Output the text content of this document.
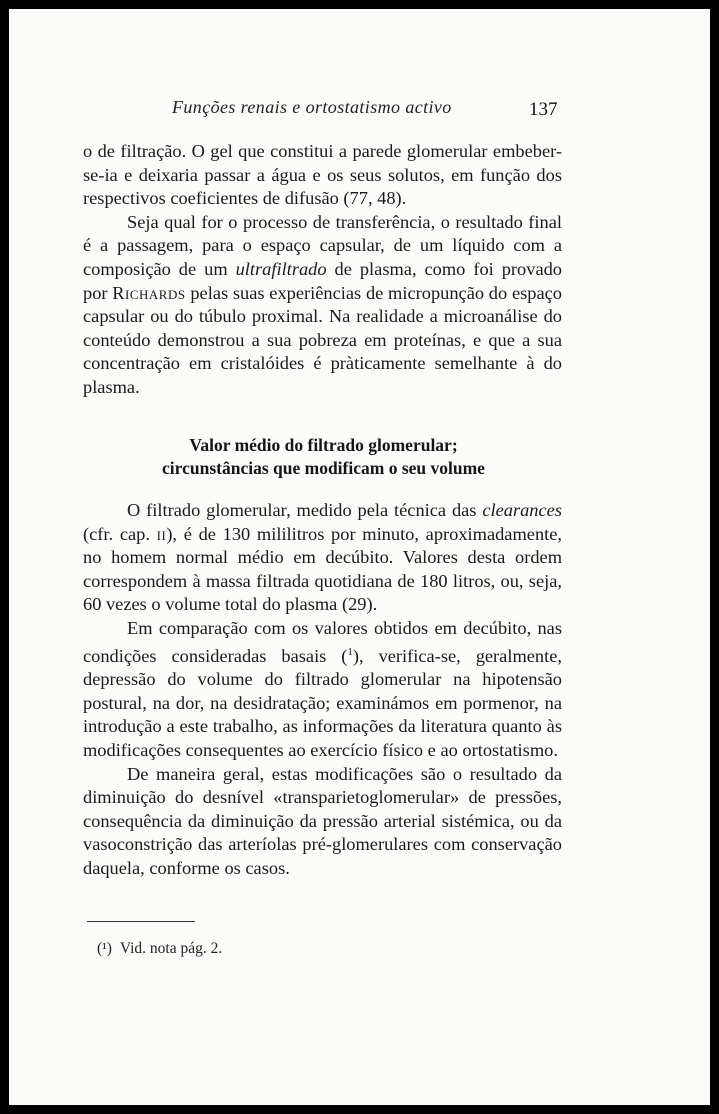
Funções renais e ortostatismo activo	137

o de filtração. O gel que constitui a parede glomerular embeber-se-ia e deixaria passar a água e os seus solutos, em função dos respectivos coeficientes de difusão (77, 48).

Seja qual for o processo de transferência, o resultado final é a passagem, para o espaço capsular, de um líquido com a composição de um ultrafiltrado de plasma, como foi provado por Richards pelas suas experiências de micropunção do espaço capsular ou do túbulo proximal. Na realidade a microanálise do conteúdo demonstrou a sua pobreza em proteínas, e que a sua concentração em cristalóides é pràticamente semelhante à do plasma.

Valor médio do filtrado glomerular;
circunstâncias que modificam o seu volume

O filtrado glomerular, medido pela técnica das clearances (cfr. cap. ii), é de 130 mililitros por minuto, aproximadamente, no homem normal médio em decúbito. Valores desta ordem correspondem à massa filtrada quotidiana de 180 litros, ou, seja, 60 vezes o volume total do plasma (29).

Em comparação com os valores obtidos em decúbito, nas condições consideradas basais ($^1$), verifica-se, geralmente, depressão do volume do filtrado glomerular na hipotensão postural, na dor, na desidratação; examinámos em pormenor, na introdução a este trabalho, as informações da literatura quanto às modificações consequentes ao exercício físico e ao ortostatismo.

De maneira geral, estas modificações são o resultado da diminuição do desnível «transparietoglomerular» de pressões, consequência da diminuição da pressão arterial sistémica, ou da vasoconstrição das arteríolas pré-glomerulares com conservação daquela, conforme os casos.

(¹) Vid. nota pág. 2.
